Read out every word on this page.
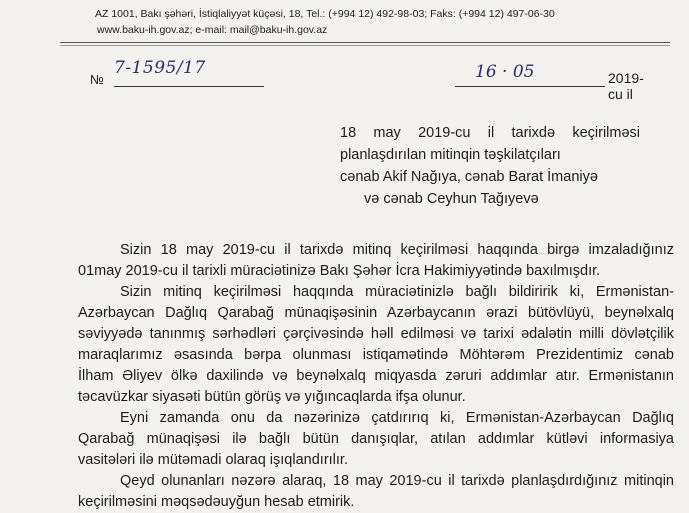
AZ 1001, Bakı şəhəri, İstiqlaliyyət küçəsi, 18, Tel.: (+994 12) 492-98-03; Faks: (+994 12) 497-06-30
www.baku-ih.gov.az; e-mail: mail@baku-ih.gov.az
№
7-1595/17	16 · 05	2019-cu il
18 may 2019-cu il tarixdə keçirilməsi
planlaşdırılan mitinqin təşkilatçıları
cənab Akif Nağıya, cənab Barat İmaniyə
və cənab Ceyhun Tağıyevə

Sizin 18 may 2019-cu il tarixdə mitinq keçirilməsi haqqında birgə imzaladığınız
01may 2019-cu il tarixli müraciətinizə Bakı Şəhər İcra Hakimiyyətində baxılmışdır.

Sizin mitinq keçirilməsi haqqında müraciətinizlə bağlı bildiririk ki, Ermənistan-
Azərbaycan Dağlıq Qarabağ münaqişəsinin Azərbaycanın ərazi bütövlüyü, beynəlxalq
səviyyədə tanınmış sərhədləri çərçivəsində həll edilməsi və tarixi ədalətin milli dövlətçilik
maraqlarımız əsasında bərpa olunması istiqamətində Möhtərəm Prezidentimiz cənab
İlham Əliyev ölkə daxilində və beynəlxalq miqyasda zəruri addımlar atır. Ermənistanın
təcavüzkar siyasəti bütün görüş və yığıncaqlarda ifşa olunur.

Eyni zamanda onu da nəzərinizə çatdırırıq ki, Ermənistan-Azərbaycan Dağlıq
Qarabağ münaqişəsi ilə bağlı bütün danışıqlar, atılan addımlar kütləvi informasiya
vasitələri ilə mütəmadi olaraq işıqlandırılır.

Qeyd olunanları nəzərə alaraq, 18 may 2019-cu il tarixdə planlaşdırdığınız mitinqin
keçirilməsini məqsədəuyğun hesab etmirik.
